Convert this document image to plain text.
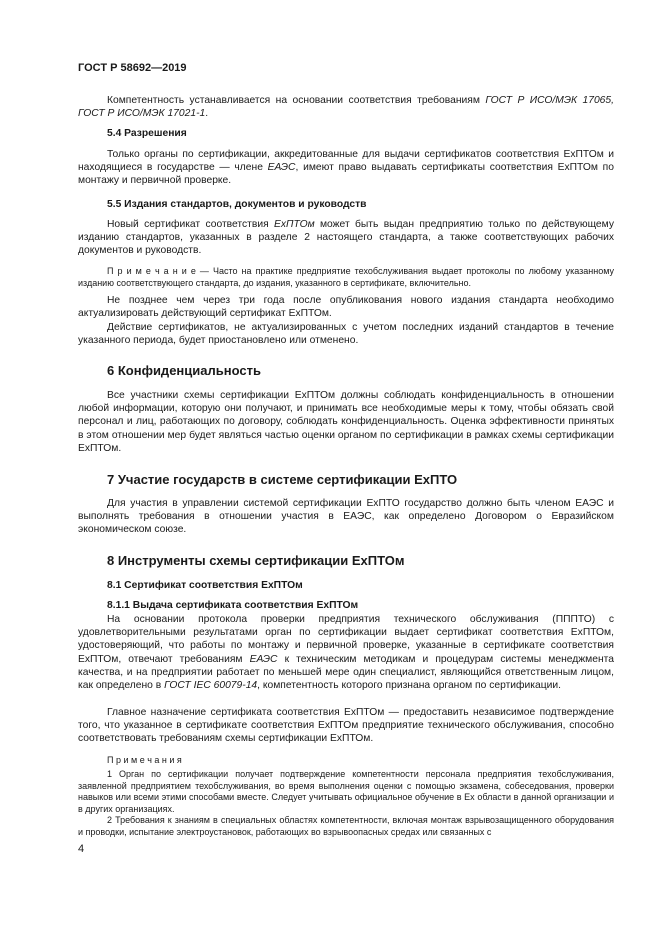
ГОСТ Р 58692—2019
Компетентность устанавливается на основании соответствия требованиям ГОСТ Р ИСО/МЭК 17065, ГОСТ Р ИСО/МЭК 17021-1.
5.4 Разрешения
Только органы по сертификации, аккредитованные для выдачи сертификатов соответствия ЕхПТОм и находящиеся в государстве — члене ЕАЭС, имеют право выдавать сертификаты соответствия ЕхПТОм по монтажу и первичной проверке.
5.5 Издания стандартов, документов и руководств
Новый сертификат соответствия ЕхПТОм может быть выдан предприятию только по действующему изданию стандартов, указанных в разделе 2 настоящего стандарта, а также соответствующих рабочих документов и руководств.
П р и м е ч а н и е — Часто на практике предприятие техобслуживания выдает протоколы по любому указанному изданию соответствующего стандарта, до издания, указанного в сертификате, включительно.
Не позднее чем через три года после опубликования нового издания стандарта необходимо актуализировать действующий сертификат ЕхПТОм.
Действие сертификатов, не актуализированных с учетом последних изданий стандартов в течение указанного периода, будет приостановлено или отменено.
6 Конфиденциальность
Все участники схемы сертификации ЕхПТОм должны соблюдать конфиденциальность в отношении любой информации, которую они получают, и принимать все необходимые меры к тому, чтобы обязать свой персонал и лиц, работающих по договору, соблюдать конфиденциальность. Оценка эффективности принятых в этом отношении мер будет являться частью оценки органом по сертификации в рамках схемы сертификации ЕхПТОм.
7 Участие государств в системе сертификации ЕхПТО
Для участия в управлении системой сертификации ЕхПТО государство должно быть членом ЕАЭС и выполнять требования в отношении участия в ЕАЭС, как определено Договором о Евразийском экономическом союзе.
8 Инструменты схемы сертификации ЕхПТОм
8.1 Сертификат соответствия ЕхПТОм
8.1.1 Выдача сертификата соответствия ЕхПТОм
На основании протокола проверки предприятия технического обслуживания (ПППТО) с удовлетворительными результатами орган по сертификации выдает сертификат соответствия ЕхПТОм, удостоверяющий, что работы по монтажу и первичной проверке, указанные в сертификате соответствия ЕхПТОм, отвечают требованиям ЕАЭС к техническим методикам и процедурам системы менеджмента качества, и на предприятии работает по меньшей мере один специалист, являющийся ответственным лицом, как определено в ГОСТ IEC 60079-14, компетентность которого признана органом по сертификации.
Главное назначение сертификата соответствия ЕхПТОм — предоставить независимое подтверждение того, что указанное в сертификате соответствия ЕхПТОм предприятие технического обслуживания, способно соответствовать требованиям схемы сертификации ЕхПТОм.
П р и м е ч а н и я
1 Орган по сертификации получает подтверждение компетентности персонала предприятия техобслуживания, заявленной предприятием техобслуживания, во время выполнения оценки с помощью экзамена, собеседования, проверки навыков или всеми этими способами вместе. Следует учитывать официальное обучение в Ex области в данной организации и в других организациях.
2 Требования к знаниям в специальных областях компетентности, включая монтаж взрывозащищенного оборудования и проводки, испытание электроустановок, работающих во взрывоопасных средах или связанных с
4
